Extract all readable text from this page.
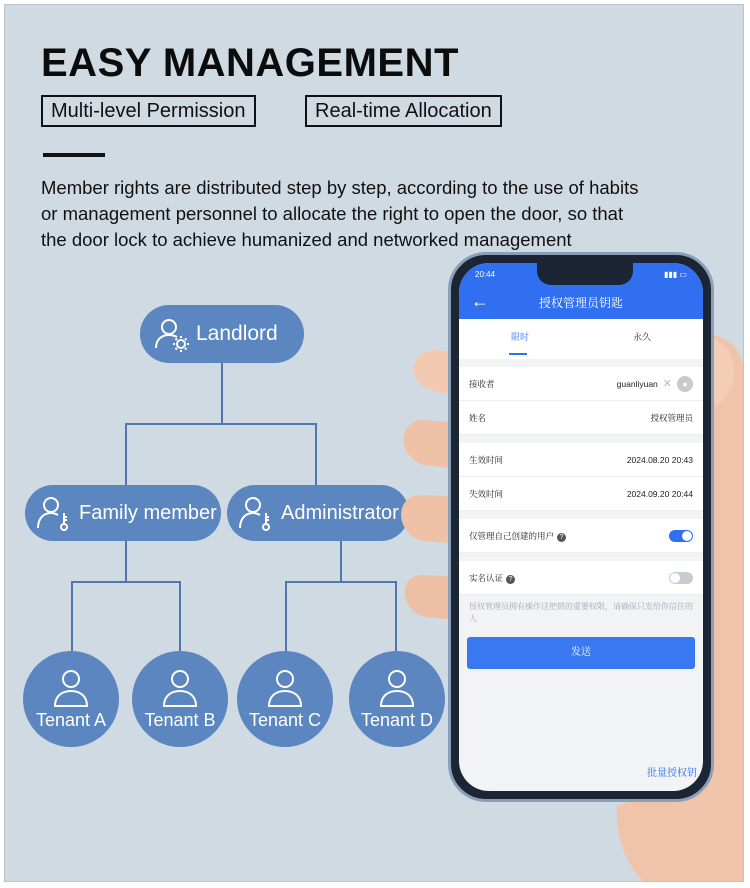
EASY MANAGEMENT
Multi-level Permission	Real-time Allocation
Member rights are distributed step by step, according to the use of habits or management personnel to allocate the right to open the door, so that the door lock to achieve humanized and networked management
Landlord
Family member	Administrator
Tenant A Tenant B Tenant C Tenant D
20:44	▮▮▮ ▭
←	授权管理员钥匙
限时	永久
接收者	guanliyuan ✕	●
姓名	授权管理员
生效时间	2024.08.20 20:43
失效时间	2024.09.20 20:44
仅管理自己创建的用户 ?
实名认证 ?
授权管理员拥有操作这把锁的重要权限，请确保只发给你信任的人
发送
批量授权钥
